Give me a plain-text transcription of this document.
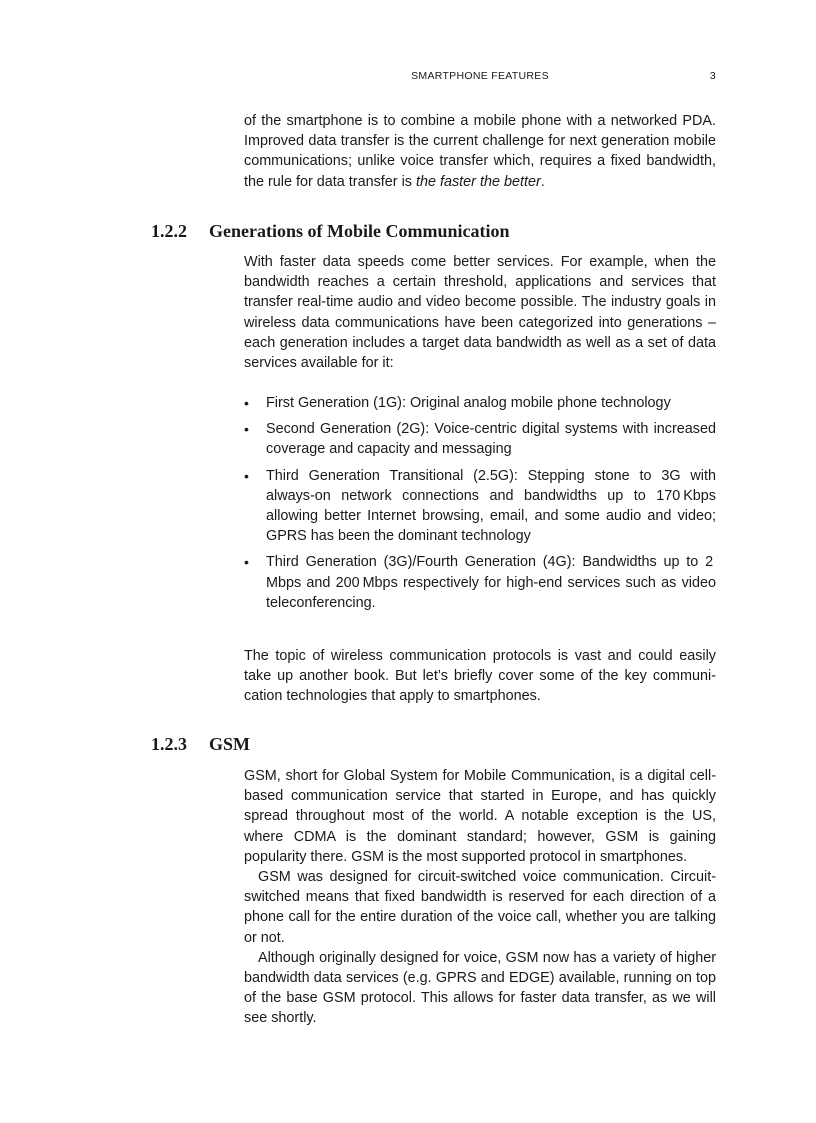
SMARTPHONE FEATURES	3

of the smartphone is to combine a mobile phone with a networked PDA. Improved data transfer is the current challenge for next generation mobile communications; unlike voice transfer which, requires a fixed bandwidth, the rule for data transfer is the faster the better.

1.2.2 Generations of Mobile Communication

With faster data speeds come better services. For example, when the bandwidth reaches a certain threshold, applications and services that transfer real-time audio and video become possible. The industry goals in wireless data communications have been categorized into generations – each generation includes a target data bandwidth as well as a set of data services available for it:

•	First Generation (1G): Original analog mobile phone technology
•	Second Generation (2G): Voice-centric digital systems with increased coverage and capacity and messaging
•	Third Generation Transitional (2.5G): Stepping stone to 3G with always-on network connections and bandwidths up to 170 Kbps allowing better Internet browsing, email, and some audio and video; GPRS has been the dominant technology
•	Third Generation (3G)/Fourth Generation (4G): Bandwidths up to 2 Mbps and 200 Mbps respectively for high-end services such as video teleconferencing.

The topic of wireless communication protocols is vast and could easily take up another book. But let’s briefly cover some of the key communication technologies that apply to smartphones.

1.2.3 GSM

GSM, short for Global System for Mobile Communication, is a digital cell-based communication service that started in Europe, and has quickly spread throughout most of the world. A notable exception is the US, where CDMA is the dominant standard; however, GSM is gaining popularity there. GSM is the most supported protocol in smartphones.

GSM was designed for circuit-switched voice communication. Circuit-switched means that fixed bandwidth is reserved for each direction of a phone call for the entire duration of the voice call, whether you are talking or not.

Although originally designed for voice, GSM now has a variety of higher bandwidth data services (e.g. GPRS and EDGE) available, running on top of the base GSM protocol. This allows for faster data transfer, as we will see shortly.
